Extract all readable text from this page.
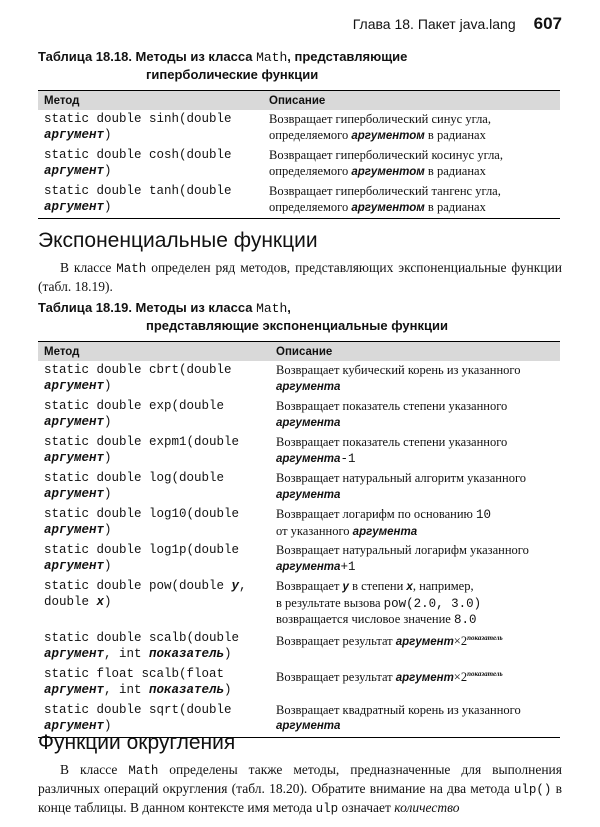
Глава 18. Пакет java.lang 607
Таблица 18.18. Методы из класса Math, представляющие
гиперболические функции
Метод	Описание
static double sinh(double
аргумент)	Возвращает гиперболический синус угла,
определяемого аргументом в радианах
static double cosh(double
аргумент)	Возвращает гиперболический косинус угла,
определяемого аргументом в радианах
static double tanh(double
аргумент)	Возвращает гиперболический тангенс угла,
определяемого аргументом в радианах
Экспоненциальные функции
В классе Math определен ряд методов, представляющих экспоненциальные функции (табл. 18.19).
Таблица 18.19. Методы из класса Math,
представляющие экспоненциальные функции
Метод	Описание
static double cbrt(double
аргумент)	Возвращает кубический корень из указанного
аргумента
static double exp(double
аргумент)	Возвращает показатель степени указанного
аргумента
static double expm1(double
аргумент)	Возвращает показатель степени указанного
аргумента-1
static double log(double
аргумент)	Возвращает натуральный алгоритм указанного
аргумента
static double log10(double
аргумент)	Возвращает логарифм по основанию 10
от указанного аргумента
static double log1p(double
аргумент)	Возвращает натуральный логарифм указанного
аргумента+1
static double pow(double y,
double x)	Возвращает y в степени x, например,
в результате вызова pow(2.0, 3.0)
возвращается числовое значение 8.0
static double scalb(double
аргумент, int показатель)	Возвращает результат $аргумент\times 2^{показатель}$
static float scalb(float
аргумент, int показатель)	Возвращает результат $аргумент\times 2^{показатель}$
static double sqrt(double
аргумент)	Возвращает квадратный корень из указанного
аргумента
Функции округления
В классе Math определены также методы, предназначенные для выполнения различных операций округления (табл. 18.20). Обратите внимание на два метода ulp() в конце таблицы. В данном контексте имя метода ulp означает количество
